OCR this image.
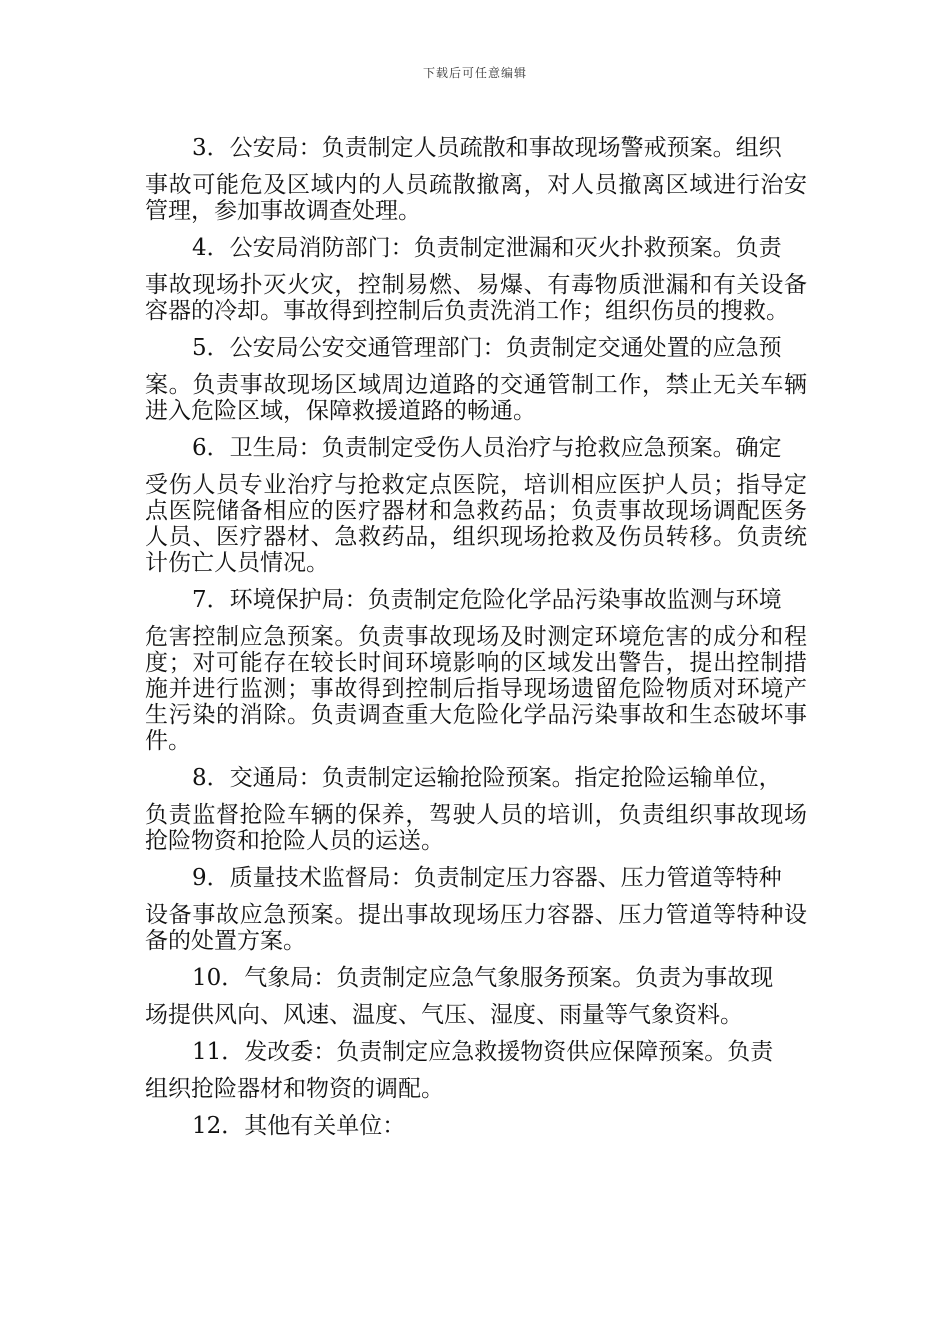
下载后可任意编辑
3．公安局：负责制定人员疏散和事故现场警戒预案。组织
事故可能危及区域内的人员疏散撤离，对人员撤离区域进行治安管理，参加事故调查处理。
4．公安局消防部门：负责制定泄漏和灭火扑救预案。负责
事故现场扑灭火灾，控制易燃、易爆、有毒物质泄漏和有关设备容器的冷却。事故得到控制后负责洗消工作；组织伤员的搜救。
5．公安局公安交通管理部门：负责制定交通处置的应急预
案。负责事故现场区域周边道路的交通管制工作，禁止无关车辆进入危险区域，保障救援道路的畅通。
6．卫生局：负责制定受伤人员治疗与抢救应急预案。确定
受伤人员专业治疗与抢救定点医院，培训相应医护人员；指导定点医院储备相应的医疗器材和急救药品；负责事故现场调配医务人员、医疗器材、急救药品，组织现场抢救及伤员转移。负责统计伤亡人员情况。
7．环境保护局：负责制定危险化学品污染事故监测与环境
危害控制应急预案。负责事故现场及时测定环境危害的成分和程度；对可能存在较长时间环境影响的区域发出警告，提出控制措施并进行监测；事故得到控制后指导现场遗留危险物质对环境产生污染的消除。负责调查重大危险化学品污染事故和生态破坏事件。
8．交通局：负责制定运输抢险预案。指定抢险运输单位，
负责监督抢险车辆的保养，驾驶人员的培训，负责组织事故现场抢险物资和抢险人员的运送。
9．质量技术监督局：负责制定压力容器、压力管道等特种
设备事故应急预案。提出事故现场压力容器、压力管道等特种设备的处置方案。
10．气象局：负责制定应急气象服务预案。负责为事故现
场提供风向、风速、温度、气压、湿度、雨量等气象资料。
11．发改委：负责制定应急救援物资供应保障预案。负责
组织抢险器材和物资的调配。
12．其他有关单位：
